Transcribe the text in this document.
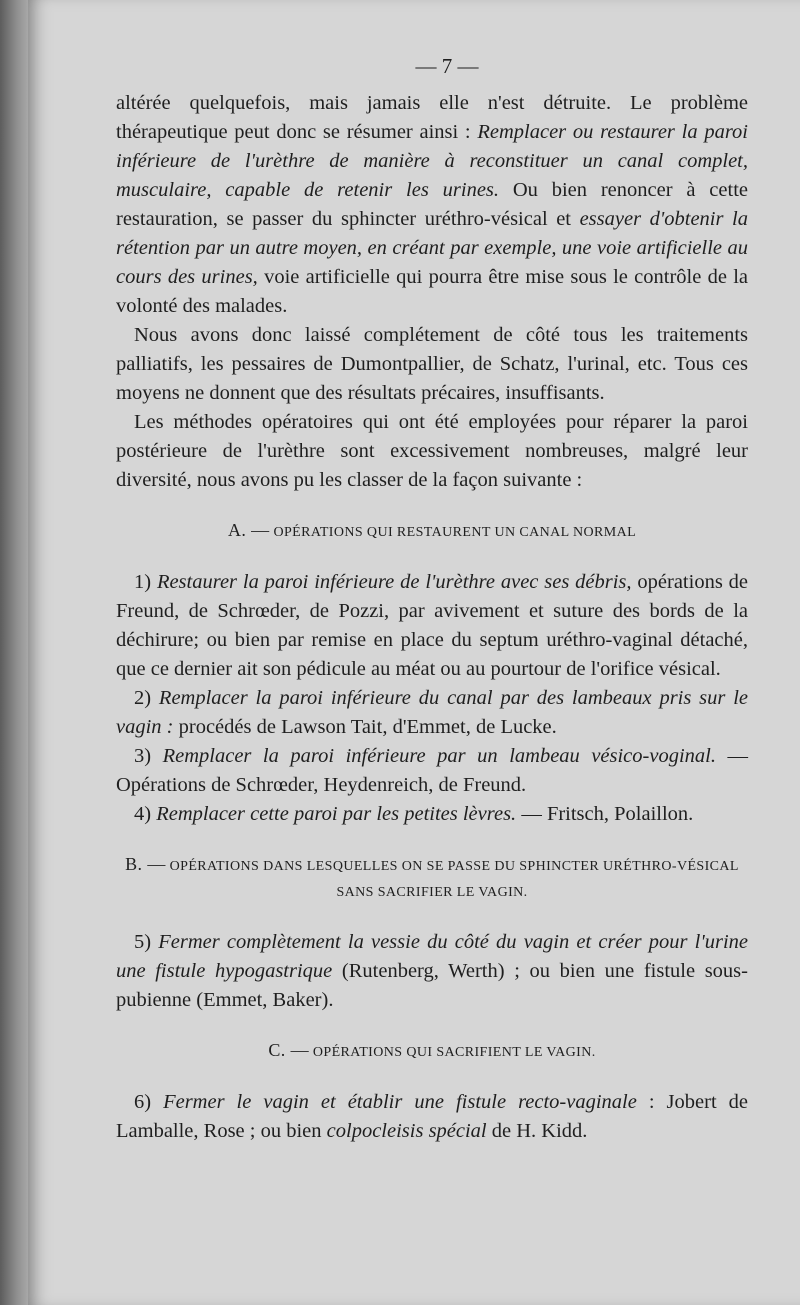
— 7 —

altérée quelquefois, mais jamais elle n'est détruite. Le problème thérapeutique peut donc se résumer ainsi : Remplacer ou restaurer la paroi inférieure de l'urèthre de manière à reconstituer un canal complet, musculaire, capable de retenir les urines. Ou bien renoncer à cette restauration, se passer du sphincter uréthro-vésical et essayer d'obtenir la rétention par un autre moyen, en créant par exemple, une voie artificielle au cours des urines, voie artificielle qui pourra être mise sous le contrôle de la volonté des malades.

Nous avons donc laissé complétement de côté tous les traitements palliatifs, les pessaires de Dumontpallier, de Schatz, l'urinal, etc. Tous ces moyens ne donnent que des résultats précaires, insuffisants.

Les méthodes opératoires qui ont été employées pour réparer la paroi postérieure de l'urèthre sont excessivement nombreuses, malgré leur diversité, nous avons pu les classer de la façon suivante :

A. — OPÉRATIONS QUI RESTAURENT UN CANAL NORMAL

1) Restaurer la paroi inférieure de l'urèthre avec ses débris, opérations de Freund, de Schrœder, de Pozzi, par avivement et suture des bords de la déchirure; ou bien par remise en place du septum uréthro-vaginal détaché, que ce dernier ait son pédicule au méat ou au pourtour de l'orifice vésical.

2) Remplacer la paroi inférieure du canal par des lambeaux pris sur le vagin : procédés de Lawson Tait, d'Emmet, de Lucke.

3) Remplacer la paroi inférieure par un lambeau vésico-voginal. — Opérations de Schrœder, Heydenreich, de Freund.

4) Remplacer cette paroi par les petites lèvres. — Fritsch, Polaillon.

B. — OPÉRATIONS DANS LESQUELLES ON SE PASSE DU SPHINCTER URÉTHRO-VÉSICAL
SANS SACRIFIER LE VAGIN.

5) Fermer complètement la vessie du côté du vagin et créer pour l'urine une fistule hypogastrique (Rutenberg, Werth) ; ou bien une fistule sous-pubienne (Emmet, Baker).

C. — OPÉRATIONS QUI SACRIFIENT LE VAGIN.

6) Fermer le vagin et établir une fistule recto-vaginale : Jobert de Lamballe, Rose ; ou bien colpocleisis spécial de H. Kidd.
